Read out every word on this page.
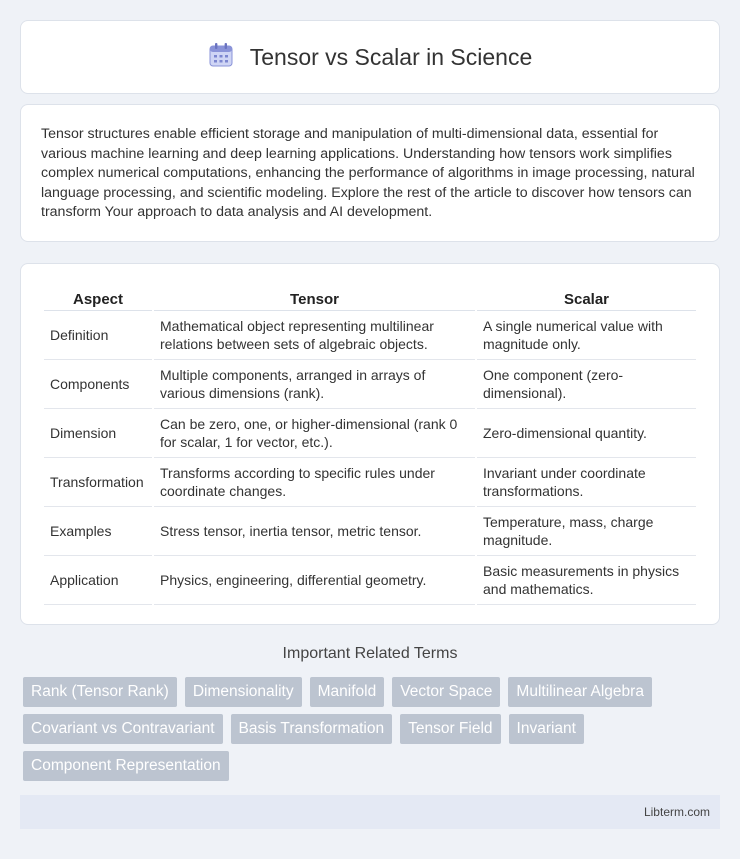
Tensor vs Scalar in Science

Tensor structures enable efficient storage and manipulation of multi-dimensional data, essential for various machine learning and deep learning applications. Understanding how tensors work simplifies complex numerical computations, enhancing the performance of algorithms in image processing, natural language processing, and scientific modeling. Explore the rest of the article to discover how tensors can transform Your approach to data analysis and AI development.

Aspect	Tensor	Scalar
Definition	Mathematical object representing multilinear relations between sets of algebraic objects.	A single numerical value with magnitude only.
Components	Multiple components, arranged in arrays of various dimensions (rank).	One component (zero-dimensional).
Dimension	Can be zero, one, or higher-dimensional (rank 0 for scalar, 1 for vector, etc.).	Zero-dimensional quantity.
Transformation	Transforms according to specific rules under coordinate changes.	Invariant under coordinate transformations.
Examples	Stress tensor, inertia tensor, metric tensor.	Temperature, mass, charge magnitude.
Application	Physics, engineering, differential geometry.	Basic measurements in physics and mathematics.
Important Related Terms
Rank (Tensor Rank)	Dimensionality	Manifold	Vector Space	Multilinear Algebra
Covariant vs Contravariant	Basis Transformation	Tensor Field	Invariant
Component Representation
Libterm.com
